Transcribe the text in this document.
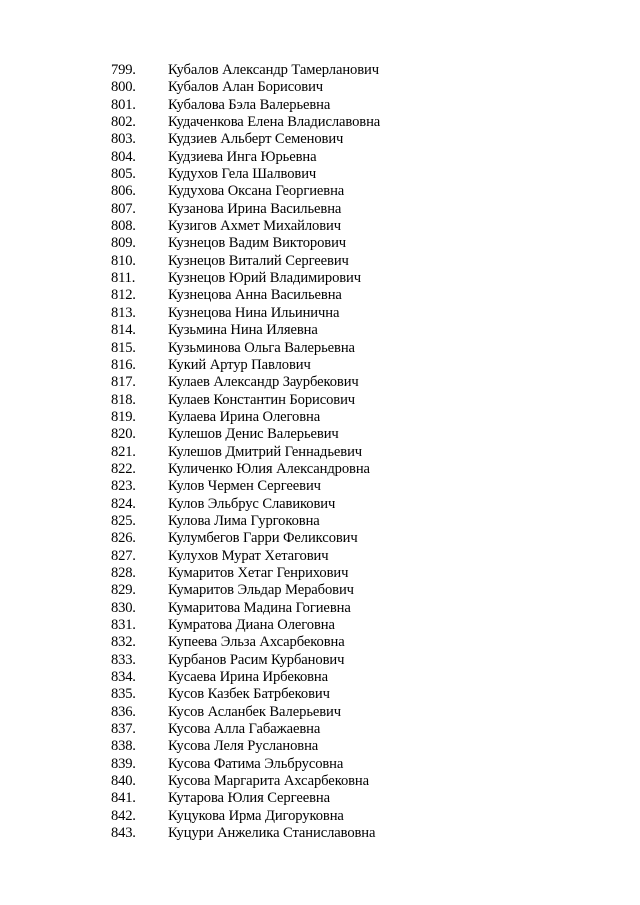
799.	Кубалов Александр Тамерланович
800.	Кубалов Алан Борисович
801.	Кубалова Бэла Валерьевна
802.	Кудаченкова Елена Владиславовна
803.	Кудзиев Альберт Семенович
804.	Кудзиева Инга Юрьевна
805.	Кудухов Гела Шалвович
806.	Кудухова Оксана Георгиевна
807.	Кузанова Ирина Васильевна
808.	Кузигов Ахмет Михайлович
809.	Кузнецов Вадим Викторович
810.	Кузнецов Виталий Сергеевич
811.	Кузнецов Юрий Владимирович
812.	Кузнецова Анна Васильевна
813.	Кузнецова Нина Ильинична
814.	Кузьмина Нина Иляевна
815.	Кузьминова Ольга Валерьевна
816.	Кукий Артур Павлович
817.	Кулаев Александр Заурбекович
818.	Кулаев Константин Борисович
819.	Кулаева Ирина Олеговна
820.	Кулешов Денис Валерьевич
821.	Кулешов Дмитрий Геннадьевич
822.	Куличенко Юлия Александровна
823.	Кулов Чермен Сергеевич
824.	Кулов Эльбрус Славикович
825.	Кулова Лима Гургоковна
826.	Кулумбегов Гарри Феликсович
827.	Кулухов Мурат Хетагович
828.	Кумаритов Хетаг Генрихович
829.	Кумаритов Эльдар Мерабович
830.	Кумаритова Мадина Гогиевна
831.	Кумратова Диана Олеговна
832.	Купеева Эльза Ахсарбековна
833.	Курбанов Расим Курбанович
834.	Кусаева Ирина Ирбековна
835.	Кусов Казбек Батрбекович
836.	Кусов Асланбек Валерьевич
837.	Кусова Алла Габажаевна
838.	Кусова Леля Руслановна
839.	Кусова Фатима Эльбрусовна
840.	Кусова Маргарита Ахсарбековна
841.	Кутарова Юлия Сергеевна
842.	Куцукова Ирма Дигоруковна
843.	Куцури Анжелика Станиславовна
